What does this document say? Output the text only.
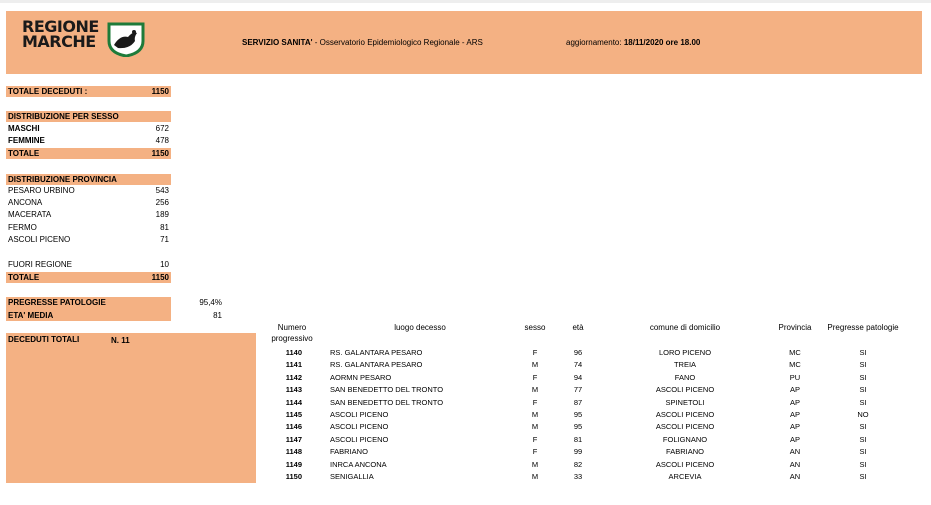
REGIONE
MARCHE	SERVIZIO SANITA' - Osservatorio Epidemiologico Regionale - ARS	aggiornamento: 18/11/2020 ore 18.00
TOTALE DECEDUTI :	1150
DISTRIBUZIONE PER SESSO
MASCHI	672
FEMMINE	478
TOTALE	1150
DISTRIBUZIONE PROVINCIA
PESARO URBINO	543
ANCONA	256
MACERATA	189
FERMO	81
ASCOLI PICENO	71
FUORI REGIONE	10
TOTALE	1150
PREGRESSE PATOLOGIE	95,4%
ETA' MEDIA	81
DECEDUTI TOTALI	N. 11
Numero
progressivo
luogo decesso	sesso	età	comune di domicilio	Provincia	Pregresse patologie
1140	RS. GALANTARA PESARO	F	96	LORO PICENO	MC	SI
1141	RS. GALANTARA PESARO	M	74	TREIA	MC	SI
1142	AORMN PESARO	F	94	FANO	PU	SI
1143	SAN BENEDETTO DEL TRONTO	M	77	ASCOLI PICENO	AP	SI
1144	SAN BENEDETTO DEL TRONTO	F	87	SPINETOLI	AP	SI
1145	ASCOLI PICENO	M	95	ASCOLI PICENO	AP	NO
1146	ASCOLI PICENO	M	95	ASCOLI PICENO	AP	SI
1147	ASCOLI PICENO	F	81	FOLIGNANO	AP	SI
1148	FABRIANO	F	99	FABRIANO	AN	SI
1149	INRCA ANCONA	M	82	ASCOLI PICENO	AN	SI
1150	SENIGALLIA	M	33	ARCEVIA	AN	SI
